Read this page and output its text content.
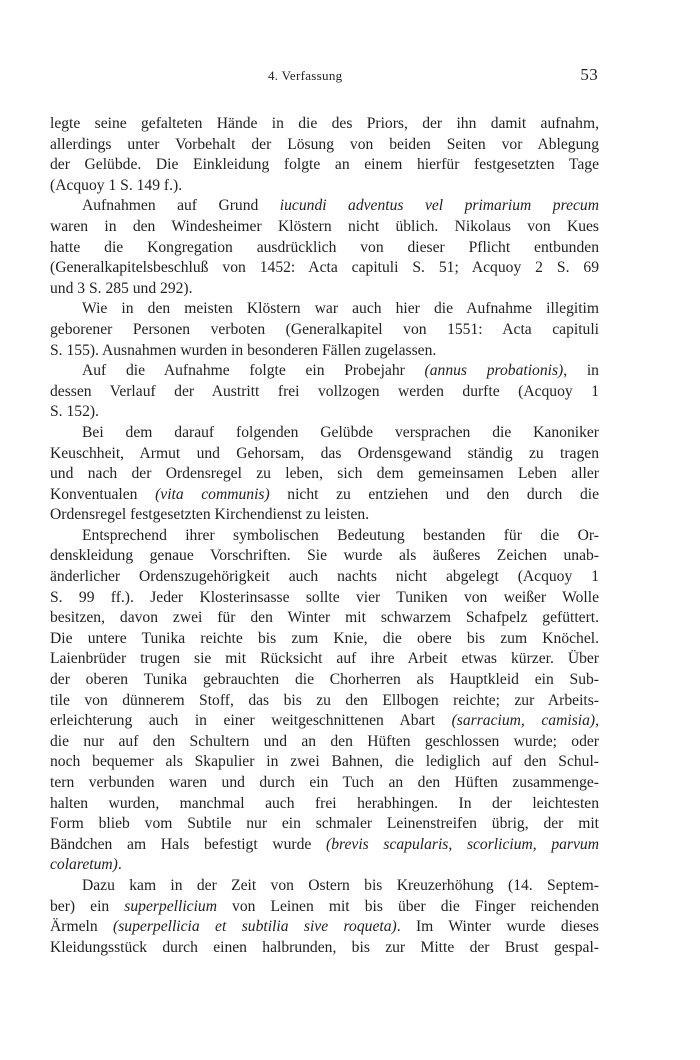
4. Verfassung	53
legte seine gefalteten Hände in die des Priors, der ihn damit aufnahm,
allerdings unter Vorbehalt der Lösung von beiden Seiten vor Ablegung
der Gelübde. Die Einkleidung folgte an einem hierfür festgesetzten Tage
(Acquoy 1 S. 149 f.).
Aufnahmen auf Grund iucundi adventus vel primarium precum
waren in den Windesheimer Klöstern nicht üblich. Nikolaus von Kues
hatte die Kongregation ausdrücklich von dieser Pflicht entbunden
(Generalkapitelsbeschluß von 1452: Acta capituli S. 51; Acquoy 2 S. 69
und 3 S. 285 und 292).
Wie in den meisten Klöstern war auch hier die Aufnahme illegitim
geborener Personen verboten (Generalkapitel von 1551: Acta capituli
S. 155). Ausnahmen wurden in besonderen Fällen zugelassen.
Auf die Aufnahme folgte ein Probejahr (annus probationis), in
dessen Verlauf der Austritt frei vollzogen werden durfte (Acquoy 1
S. 152).
Bei dem darauf folgenden Gelübde versprachen die Kanoniker
Keuschheit, Armut und Gehorsam, das Ordensgewand ständig zu tragen
und nach der Ordensregel zu leben, sich dem gemeinsamen Leben aller
Konventualen (vita communis) nicht zu entziehen und den durch die
Ordensregel festgesetzten Kirchendienst zu leisten.
Entsprechend ihrer symbolischen Bedeutung bestanden für die Or-
denskleidung genaue Vorschriften. Sie wurde als äußeres Zeichen unab-
änderlicher Ordenszugehörigkeit auch nachts nicht abgelegt (Acquoy 1
S. 99 ff.). Jeder Klosterinsasse sollte vier Tuniken von weißer Wolle
besitzen, davon zwei für den Winter mit schwarzem Schafpelz gefüttert.
Die untere Tunika reichte bis zum Knie, die obere bis zum Knöchel.
Laienbrüder trugen sie mit Rücksicht auf ihre Arbeit etwas kürzer. Über
der oberen Tunika gebrauchten die Chorherren als Hauptkleid ein Sub-
tile von dünnerem Stoff, das bis zu den Ellbogen reichte; zur Arbeits-
erleichterung auch in einer weitgeschnittenen Abart (sarracium, camisia),
die nur auf den Schultern und an den Hüften geschlossen wurde; oder
noch bequemer als Skapulier in zwei Bahnen, die lediglich auf den Schul-
tern verbunden waren und durch ein Tuch an den Hüften zusammenge-
halten wurden, manchmal auch frei herabhingen. In der leichtesten
Form blieb vom Subtile nur ein schmaler Leinenstreifen übrig, der mit
Bändchen am Hals befestigt wurde (brevis scapularis, scorlicium, parvum
colaretum).
Dazu kam in der Zeit von Ostern bis Kreuzerhöhung (14. Septem-
ber) ein superpellicium von Leinen mit bis über die Finger reichenden
Ärmeln (superpellicia et subtilia sive roqueta). Im Winter wurde dieses
Kleidungsstück durch einen halbrunden, bis zur Mitte der Brust gespal-
